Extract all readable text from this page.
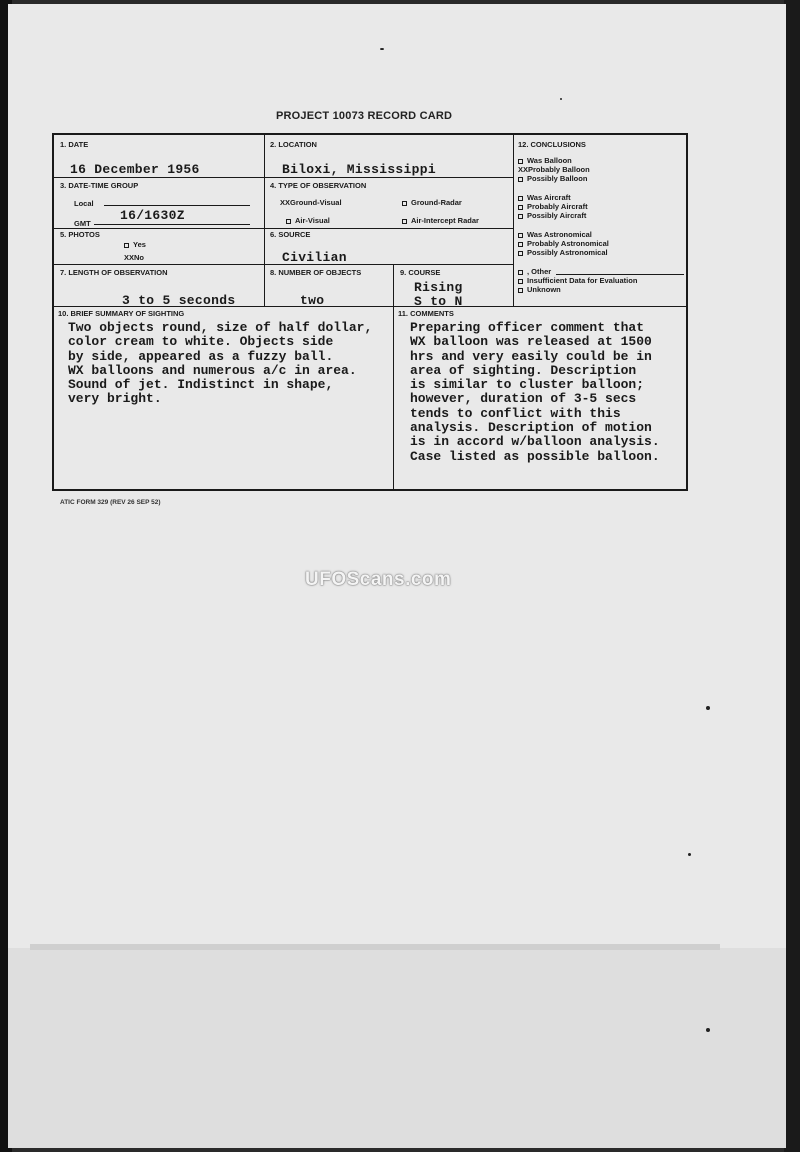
PROJECT 10073 RECORD CARD
1. DATE
16 December 1956
2. LOCATION
Biloxi, Mississippi
3. DATE-TIME GROUP
Local
GMT
16/1630Z
4. TYPE OF OBSERVATION
XXGround-Visual	Ground-Radar
Air-Visual	Air-Intercept Radar
5. PHOTOS
Yes
XXNo
6. SOURCE
Civilian
7. LENGTH OF OBSERVATION
3 to 5 seconds
8. NUMBER OF OBJECTS
two
9. COURSE
Rising
S to N
12. CONCLUSIONS
Was Balloon
XXProbably Balloon
Possibly Balloon
Was Aircraft
Probably Aircraft
Possibly Aircraft
Was Astronomical
Probably Astronomical
Possibly Astronomical
, Other
Insufficient Data for Evaluation
Unknown
10. BRIEF SUMMARY OF SIGHTING
Two objects round, size of half dollar,
color cream to white. Objects side
by side, appeared as a fuzzy ball.
WX balloons and numerous a/c in area.
Sound of jet. Indistinct in shape,
very bright.
11. COMMENTS
Preparing officer comment that
WX balloon was released at 1500
hrs and very easily could be in
area of sighting. Description
is similar to cluster balloon;
however, duration of 3-5 secs
tends to conflict with this
analysis. Description of motion
is in accord w/balloon analysis.
Case listed as possible balloon.
ATIC FORM 329 (REV 26 SEP 52)
UFOScans.com
